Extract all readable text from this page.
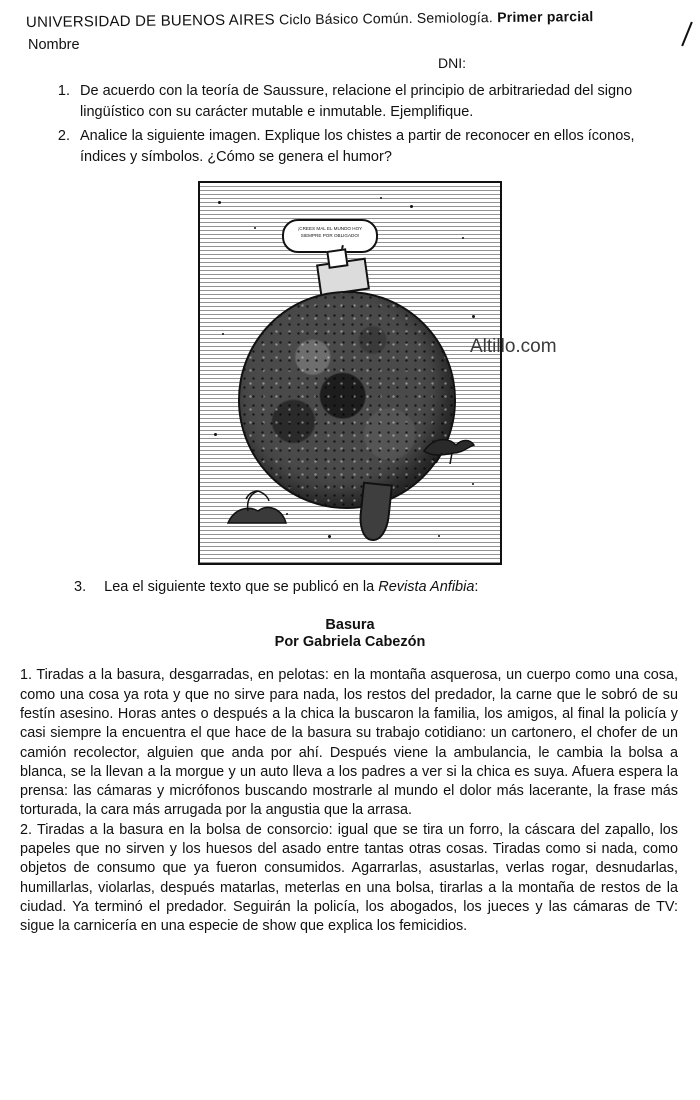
UNIVERSIDAD DE BUENOS AIRES Ciclo Básico Común. Semiología. Primer parcial
Nombre
DNI:
1. De acuerdo con la teoría de Saussure, relacione el principio de arbitrariedad del signo lingüístico con su carácter mutable e inmutable. Ejemplifique.
2. Analice la siguiente imagen. Explique los chistes a partir de reconocer en ellos íconos, índices y símbolos. ¿Cómo se genera el humor?
¡CREES MAL EL MUNDO HOY SIEMPRE POR OBLIGADO!
Altillo.com
3. Lea el siguiente texto que se publicó en la Revista Anfibia:
Basura
Por Gabriela Cabezón

1. Tiradas a la basura, desgarradas, en pelotas: en la montaña asquerosa, un cuerpo como una cosa, como una cosa ya rota y que no sirve para nada, los restos del predador, la carne que le sobró de su festín asesino. Horas antes o después a la chica la buscaron la familia, los amigos, al final la policía y casi siempre la encuentra el que hace de la basura su trabajo cotidiano: un cartonero, el chofer de un camión recolector, alguien que anda por ahí. Después viene la ambulancia, le cambia la bolsa a blanca, se la llevan a la morgue y un auto lleva a los padres a ver si la chica es suya. Afuera espera la prensa: las cámaras y micrófonos buscando mostrarle al mundo el dolor más lacerante, la frase más torturada, la cara más arrugada por la angustia que la arrasa.

2. Tiradas a la basura en la bolsa de consorcio: igual que se tira un forro, la cáscara del zapallo, los papeles que no sirven y los huesos del asado entre tantas otras cosas. Tiradas como si nada, como objetos de consumo que ya fueron consumidos. Agarrarlas, asustarlas, verlas rogar, desnudarlas, humillarlas, violarlas, después matarlas, meterlas en una bolsa, tirarlas a la montaña de restos de la ciudad. Ya terminó el predador. Seguirán la policía, los abogados, los jueces y las cámaras de TV: sigue la carnicería en una especie de show que explica los femicidios.
